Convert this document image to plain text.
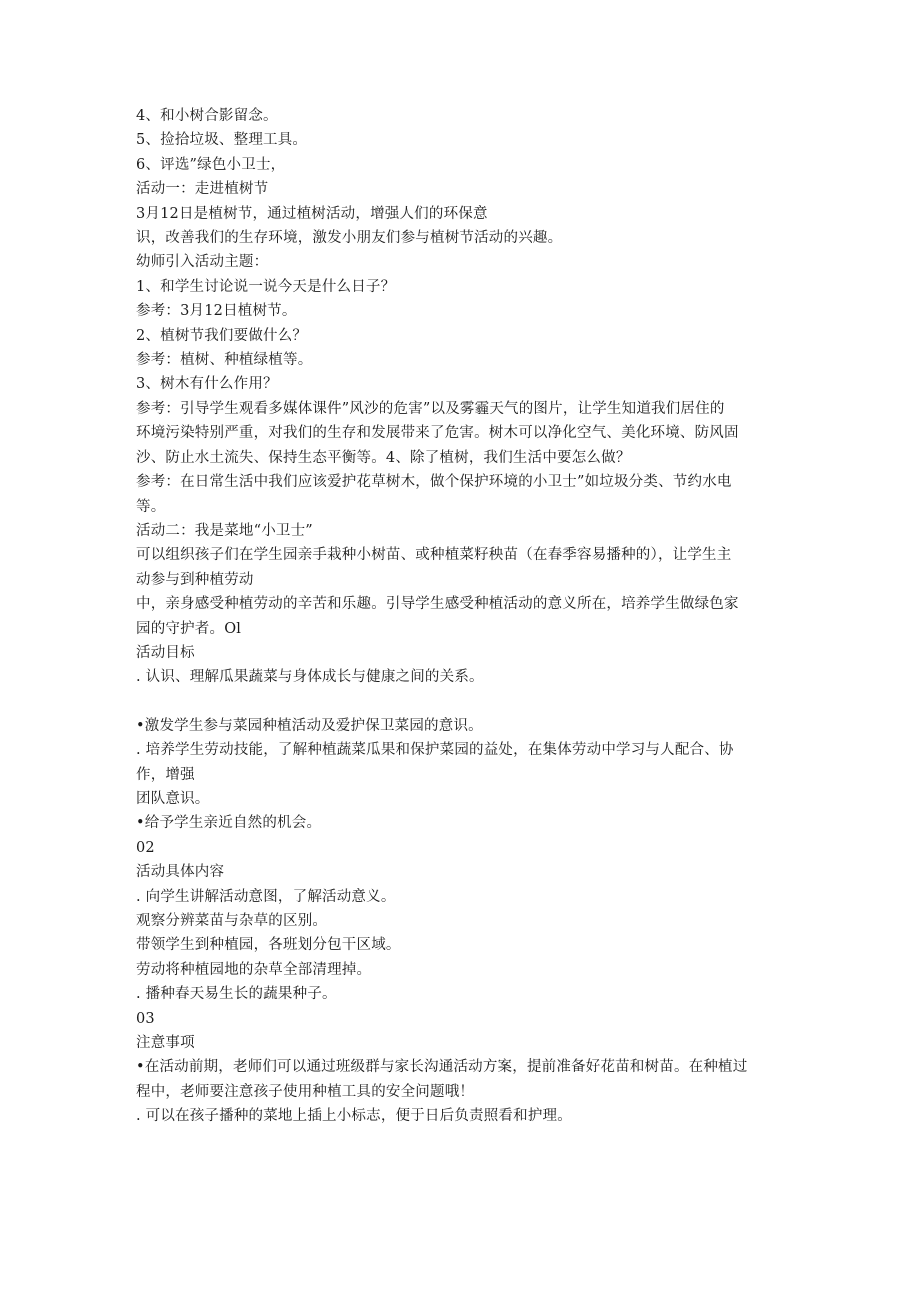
4、和小树合影留念。
5、捡拾垃圾、整理工具。
6、评选”绿色小卫士，
活动一：走进植树节
3月12日是植树节，通过植树活动，增强人们的环保意
识，改善我们的生存环境，激发小朋友们参与植树节活动的兴趣。
幼师引入活动主题：
1、和学生讨论说一说今天是什么日子？
参考：3月12日植树节。
2、植树节我们要做什么？
参考：植树、种植绿植等。
3、树木有什么作用？
参考：引导学生观看多媒体课件”风沙的危害”以及雾霾天气的图片，让学生知道我们居住的
环境污染特别严重，对我们的生存和发展带来了危害。树木可以净化空气、美化环境、防风固
沙、防止水土流失、保持生态平衡等。4、除了植树，我们生活中要怎么做？
参考：在日常生活中我们应该爱护花草树木，做个保护环境的小卫士”如垃圾分类、节约水电
等。
活动二：我是菜地“小卫士”
可以组织孩子们在学生园亲手栽种小树苗、或种植菜籽秧苗（在春季容易播种的），让学生主
动参与到种植劳动
中，亲身感受种植劳动的辛苦和乐趣。引导学生感受种植活动的意义所在，培养学生做绿色家
园的守护者。Ol
活动目标
. 认识、理解瓜果蔬菜与身体成长与健康之间的关系。
•激发学生参与菜园种植活动及爱护保卫菜园的意识。
. 培养学生劳动技能，了解种植蔬菜瓜果和保护菜园的益处，在集体劳动中学习与人配合、协
作，增强
团队意识。
•给予学生亲近自然的机会。
02
活动具体内容
. 向学生讲解活动意图，了解活动意义。
观察分辨菜苗与杂草的区别。
带领学生到种植园，各班划分包干区域。
劳动将种植园地的杂草全部清理掉。
. 播种春天易生长的蔬果种子。
03
注意事项
•在活动前期，老师们可以通过班级群与家长沟通活动方案，提前准备好花苗和树苗。在种植过
程中，老师要注意孩子使用种植工具的安全问题哦！
. 可以在孩子播种的菜地上插上小标志，便于日后负责照看和护理。
